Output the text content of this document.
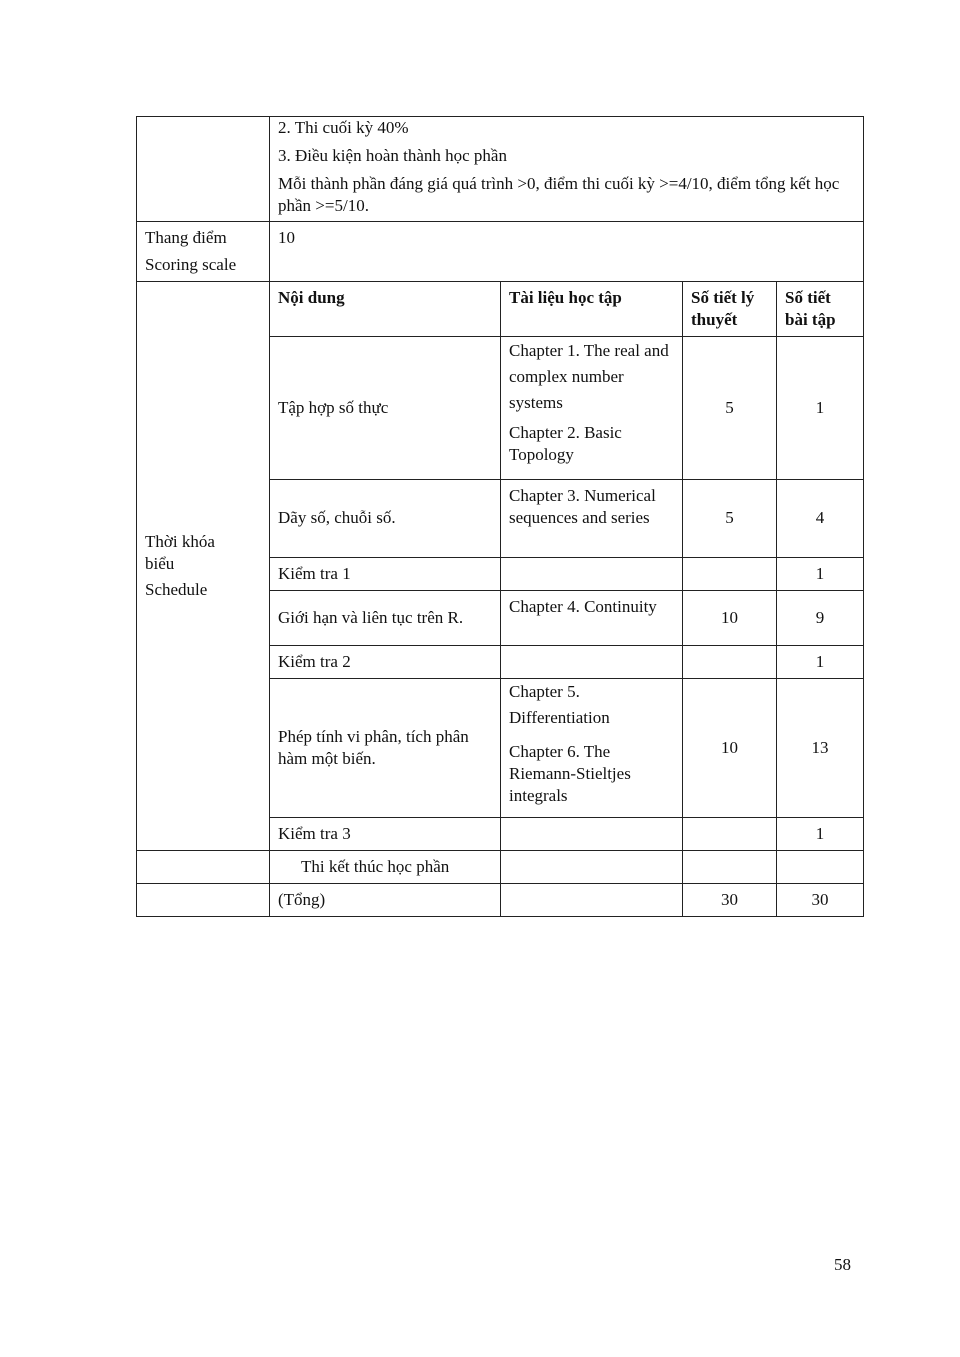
	2. Thi cuối kỳ 40%
3. Điều kiện hoàn thành học phần
Mỗi thành phần đáng giá quá trình >0, điểm thi cuối kỳ >=4/10, điểm tổng kết học phần >=5/10.			

Thang điểm
Scoring scale	10			

Thời khóa biểu
Schedule	Nội dung	Tài liệu học tập	Số tiết lý thuyết	Số tiết bài tập
	Tập hợp số thực	Chapter 1. The real and complex number systems
Chapter 2. Basic Topology	5	1
	Dãy số, chuỗi số.	Chapter 3. Numerical sequences and series	5	4
	Kiểm tra 1			1
	Giới hạn và liên tục trên R.	Chapter 4. Continuity	10	9
	Kiểm tra 2			1
	Phép tính vi phân, tích phân hàm một biến.	Chapter 5. Differentiation
Chapter 6. The Riemann-Stieltjes integrals	10	13
	Kiểm tra 3			1
	Thi kết thúc học phần			
	(Tổng)		30	30
58
